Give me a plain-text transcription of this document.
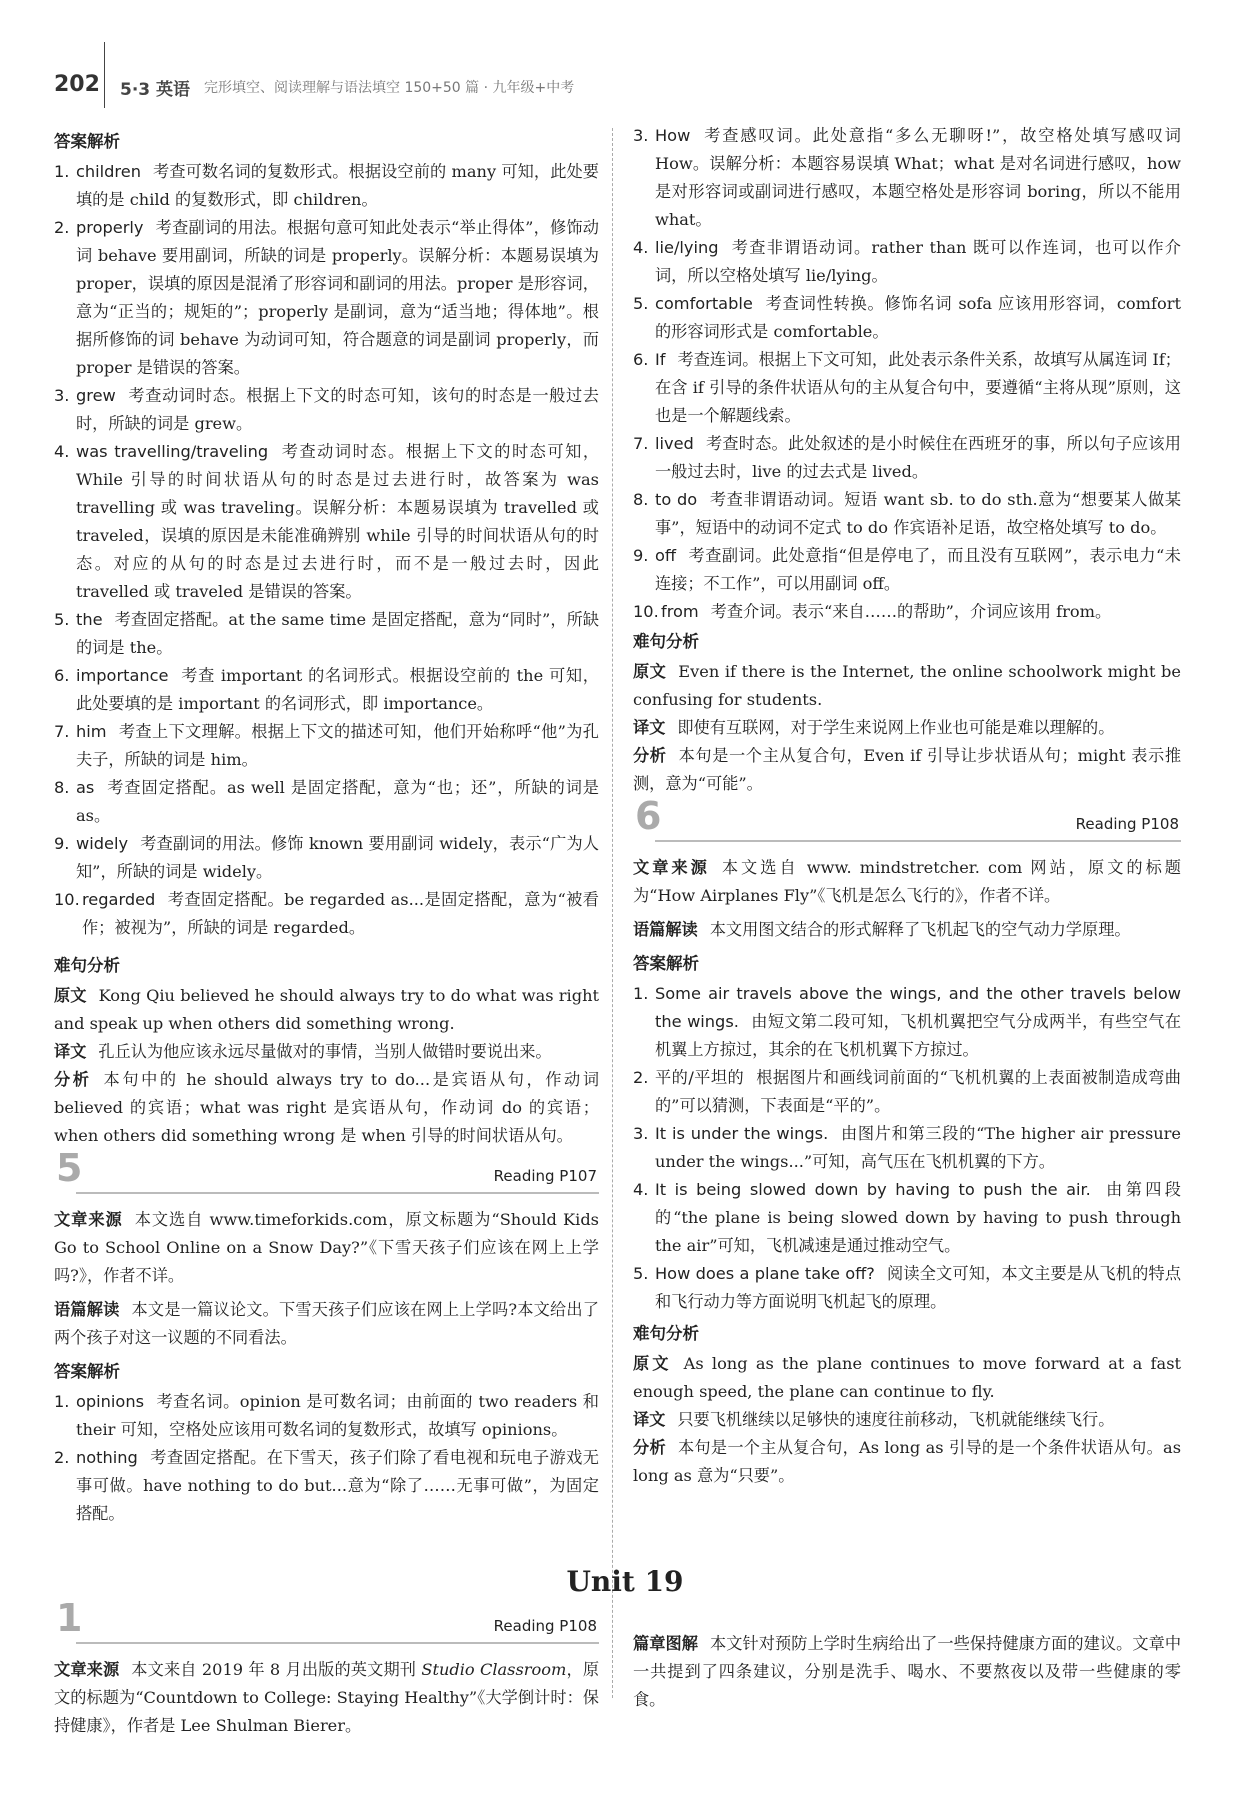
202 5·3 英语 完形填空、阅读理解与语法填空 150+50 篇 · 九年级+中考
答案解析
1. children 考查可数名词的复数形式。根据设空前的 many 可知，此处要填的是 child 的复数形式，即 children。
2. properly 考查副词的用法。根据句意可知此处表示“举止得体”，修饰动词 behave 要用副词，所缺的词是 properly。误解分析：本题易误填为 proper，误填的原因是混淆了形容词和副词的用法。proper 是形容词，意为“正当的；规矩的”；properly 是副词，意为“适当地；得体地”。根据所修饰的词 behave 为动词可知，符合题意的词是副词 properly，而 proper 是错误的答案。
3. grew 考查动词时态。根据上下文的时态可知，该句的时态是一般过去时，所缺的词是 grew。
4. was travelling/traveling 考查动词时态。根据上下文的时态可知，While 引导的时间状语从句的时态是过去进行时，故答案为 was travelling 或 was traveling。误解分析：本题易误填为 travelled 或 traveled，误填的原因是未能准确辨别 while 引导的时间状语从句的时态。对应的从句的时态是过去进行时，而不是一般过去时，因此 travelled 或 traveled 是错误的答案。
5. the 考查固定搭配。at the same time 是固定搭配，意为“同时”，所缺的词是 the。
6. importance 考查 important 的名词形式。根据设空前的 the 可知，此处要填的是 important 的名词形式，即 importance。
7. him 考查上下文理解。根据上下文的描述可知，他们开始称呼“他”为孔夫子，所缺的词是 him。
8. as 考查固定搭配。as well 是固定搭配，意为“也；还”，所缺的词是 as。
9. widely 考查副词的用法。修饰 known 要用副词 widely，表示“广为人知”，所缺的词是 widely。
10. regarded 考查固定搭配。be regarded as...是固定搭配，意为“被看作；被视为”，所缺的词是 regarded。
难句分析
原文 Kong Qiu believed he should always try to do what was right and speak up when others did something wrong.
译文 孔丘认为他应该永远尽量做对的事情，当别人做错时要说出来。
分析 本句中的 he should always try to do...是宾语从句，作动词 believed 的宾语；what was right 是宾语从句，作动词 do 的宾语；when others did something wrong 是 when 引导的时间状语从句。
5	Reading P107
文章来源 本文选自 www.timeforkids.com，原文标题为“Should Kids Go to School Online on a Snow Day?”《下雪天孩子们应该在网上上学吗?》，作者不详。
语篇解读 本文是一篇议论文。下雪天孩子们应该在网上上学吗?本文给出了两个孩子对这一议题的不同看法。
答案解析
1. opinions 考查名词。opinion 是可数名词；由前面的 two readers 和 their 可知，空格处应该用可数名词的复数形式，故填写 opinions。
2. nothing 考查固定搭配。在下雪天，孩子们除了看电视和玩电子游戏无事可做。have nothing to do but...意为“除了……无事可做”，为固定搭配。
3. How 考查感叹词。此处意指“多么无聊呀!”，故空格处填写感叹词 How。误解分析：本题容易误填 What；what 是对名词进行感叹，how 是对形容词或副词进行感叹，本题空格处是形容词 boring，所以不能用 what。
4. lie/lying 考查非谓语动词。rather than 既可以作连词，也可以作介词，所以空格处填写 lie/lying。
5. comfortable 考查词性转换。修饰名词 sofa 应该用形容词，comfort 的形容词形式是 comfortable。
6. If 考查连词。根据上下文可知，此处表示条件关系，故填写从属连词 If；在含 if 引导的条件状语从句的主从复合句中，要遵循“主将从现”原则，这也是一个解题线索。
7. lived 考查时态。此处叙述的是小时候住在西班牙的事，所以句子应该用一般过去时，live 的过去式是 lived。
8. to do 考查非谓语动词。短语 want sb. to do sth.意为“想要某人做某事”，短语中的动词不定式 to do 作宾语补足语，故空格处填写 to do。
9. off 考查副词。此处意指“但是停电了，而且没有互联网”，表示电力“未连接；不工作”，可以用副词 off。
10. from 考查介词。表示“来自……的帮助”，介词应该用 from。
难句分析
原文 Even if there is the Internet, the online schoolwork might be confusing for students.
译文 即使有互联网，对于学生来说网上作业也可能是难以理解的。
分析 本句是一个主从复合句，Even if 引导让步状语从句；might 表示推测，意为“可能”。
6	Reading P108
文章来源 本文选自 www. mindstretcher. com 网站，原文的标题为“How Airplanes Fly”《飞机是怎么飞行的》，作者不详。
语篇解读 本文用图文结合的形式解释了飞机起飞的空气动力学原理。
答案解析
1. Some air travels above the wings, and the other travels below the wings. 由短文第二段可知，飞机机翼把空气分成两半，有些空气在机翼上方掠过，其余的在飞机机翼下方掠过。
2. 平的/平坦的 根据图片和画线词前面的“飞机机翼的上表面被制造成弯曲的”可以猜测，下表面是“平的”。
3. It is under the wings. 由图片和第三段的“The higher air pressure under the wings...”可知，高气压在飞机机翼的下方。
4. It is being slowed down by having to push the air. 由第四段的“the plane is being slowed down by having to push through the air”可知，飞机减速是通过推动空气。
5. How does a plane take off? 阅读全文可知，本文主要是从飞机的特点和飞行动力等方面说明飞机起飞的原理。
难句分析
原文 As long as the plane continues to move forward at a fast enough speed, the plane can continue to fly.
译文 只要飞机继续以足够快的速度往前移动，飞机就能继续飞行。
分析 本句是一个主从复合句，As long as 引导的是一个条件状语从句。as long as 意为“只要”。
Unit 19
1	Reading P108
文章来源 本文来自 2019 年 8 月出版的英文期刊 Studio Classroom，原文的标题为“Countdown to College: Staying Healthy”《大学倒计时：保持健康》，作者是 Lee Shulman Bierer。
篇章图解 本文针对预防上学时生病给出了一些保持健康方面的建议。文章中一共提到了四条建议，分别是洗手、喝水、不要熬夜以及带一些健康的零食。
